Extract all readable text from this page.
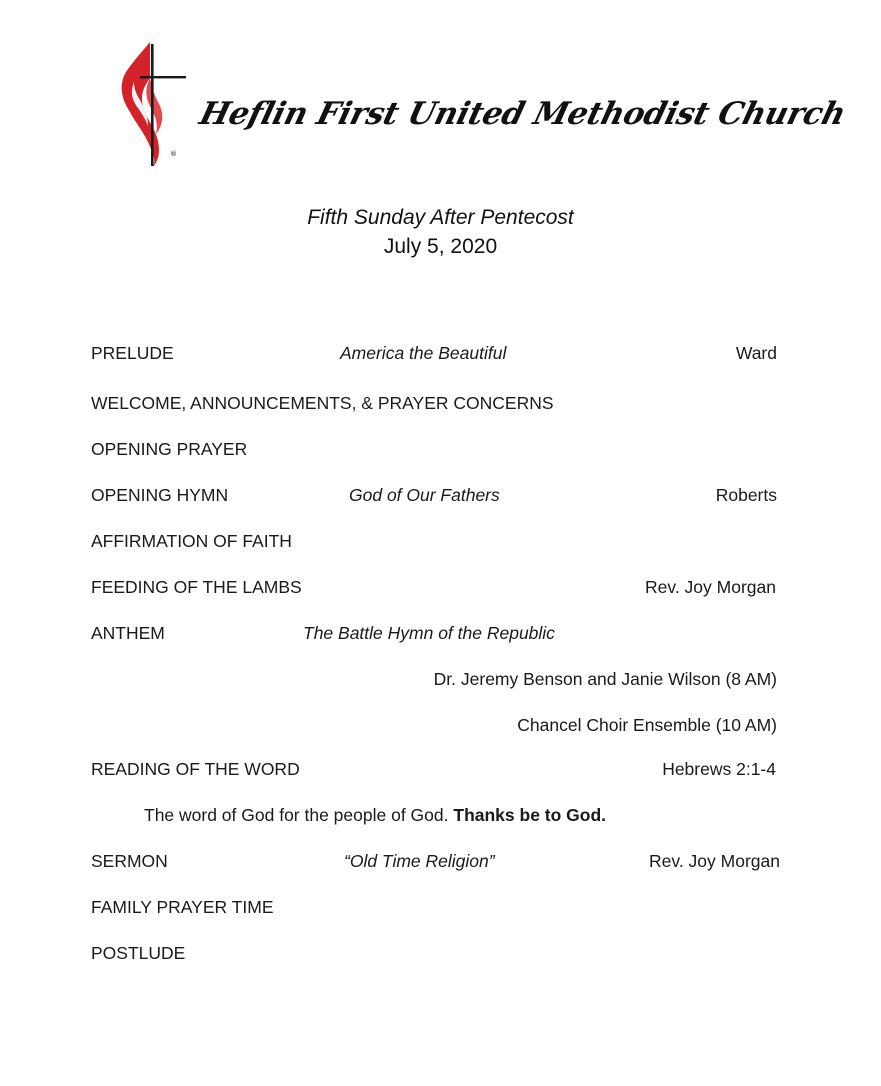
®
Heflin First United Methodist Church
Fifth Sunday After Pentecost
July 5, 2020
PRELUDE	America the Beautiful	Ward
WELCOME, ANNOUNCEMENTS, & PRAYER CONCERNS
OPENING PRAYER
OPENING HYMN	God of Our Fathers	Roberts
AFFIRMATION OF FAITH
FEEDING OF THE LAMBS	Rev. Joy Morgan
ANTHEM	The Battle Hymn of the Republic
Dr. Jeremy Benson and Janie Wilson (8 AM)
Chancel Choir Ensemble (10 AM)
READING OF THE WORD	Hebrews 2:1-4
The word of God for the people of God. Thanks be to God.
SERMON	“Old Time Religion”	Rev. Joy Morgan
FAMILY PRAYER TIME
POSTLUDE
